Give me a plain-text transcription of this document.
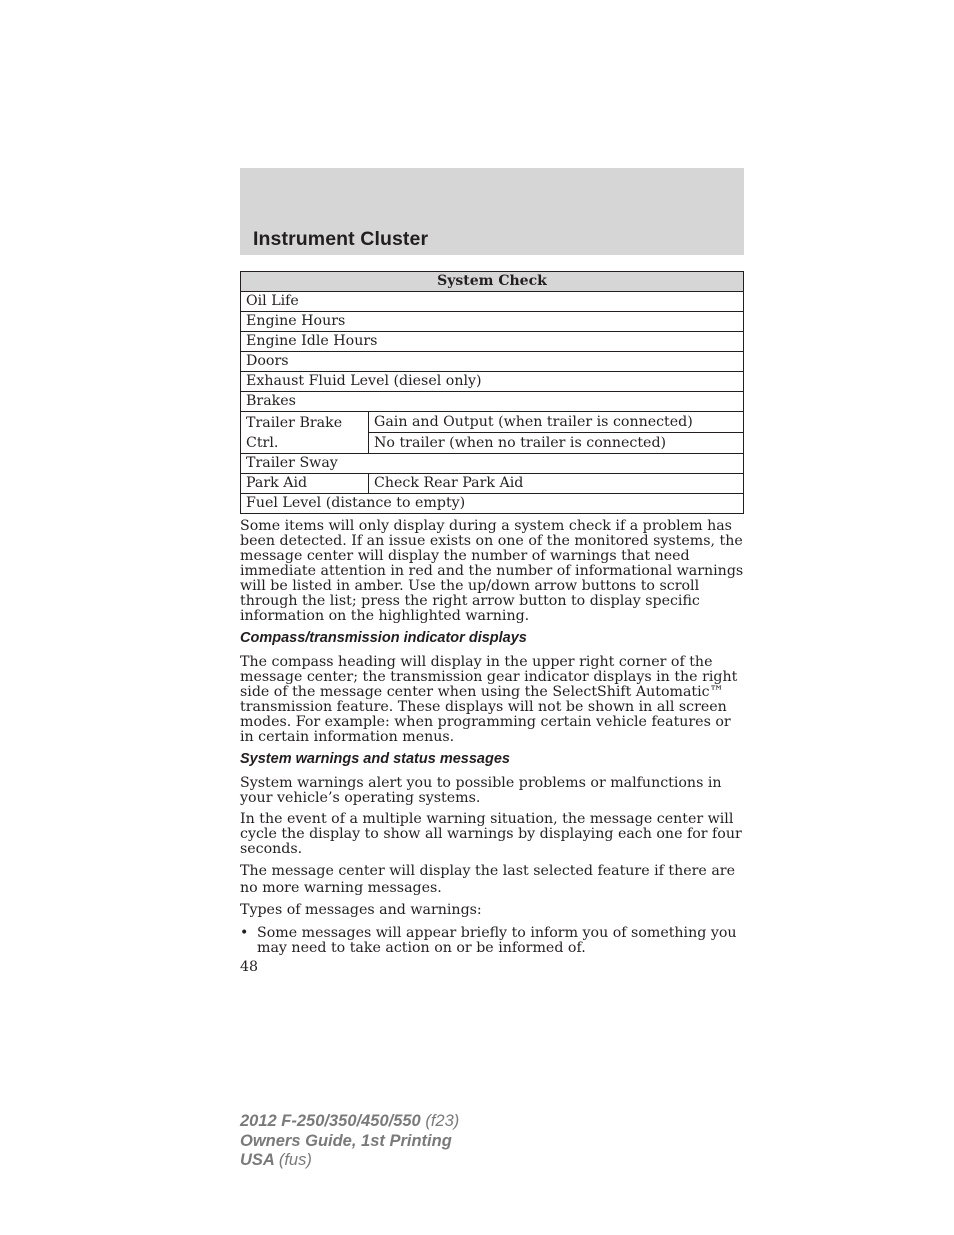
Instrument Cluster
System Check	
Oil Life	
Engine Hours	
Engine Idle Hours	
Doors	
Exhaust Fluid Level (diesel only)	
Brakes	
Trailer Brake Ctrl.	Gain and Output (when trailer is connected)
	No trailer (when no trailer is connected)
Trailer Sway	
Park Aid	Check Rear Park Aid
Fuel Level (distance to empty)	

Some items will only display during a system check if a problem has been detected. If an issue exists on one of the monitored systems, the message center will display the number of warnings that need immediate attention in red and the number of informational warnings will be listed in amber. Use the up/down arrow buttons to scroll through the list; press the right arrow button to display specific information on the highlighted warning.

Compass/transmission indicator displays

The compass heading will display in the upper right corner of the message center; the transmission gear indicator displays in the right side of the message center when using the SelectShift Automatic™ transmission feature. These displays will not be shown in all screen modes. For example: when programming certain vehicle features or in certain information menus.

System warnings and status messages

System warnings alert you to possible problems or malfunctions in your vehicle’s operating systems.

In the event of a multiple warning situation, the message center will cycle the display to show all warnings by displaying each one for four seconds.

The message center will display the last selected feature if there are no more warning messages.

Types of messages and warnings:

• Some messages will appear briefly to inform you of something you may need to take action on or be informed of.
48
2012 F-250/350/450/550 (f23)
Owners Guide, 1st Printing
USA (fus)
